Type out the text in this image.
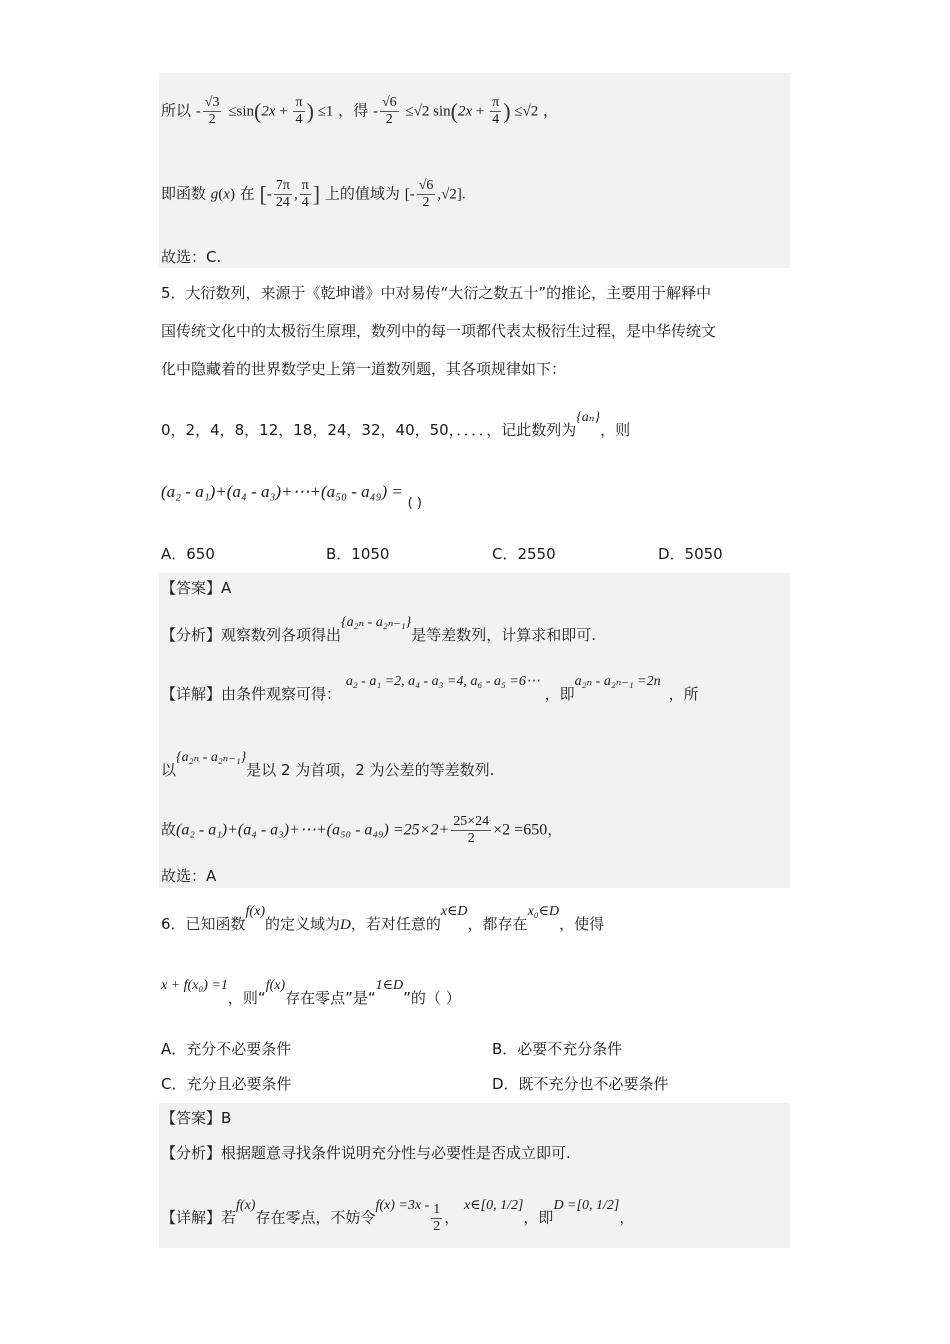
所以 - $\frac{√3}{2} \le\sin(2x + \frac{\pi}{4}$ ) ≤1 ，得 - $\frac{√6}{2} \le√2$ $\sin(2x + \frac{\pi}{4}$ ) ≤√2 ，
即函数 g(x) 在 [- $\frac{7\pi}{24}$ , $\frac{\pi}{4}$ ] 上的值域为 [- $\frac{√6}{2} ,√2$].
故选：C.
5．大衍数列，来源于《乾坤谱》中对易传“大衍之数五十”的推论，主要用于解释中
国传统文化中的太极衍生原理，数列中的每一项都代表太极衍生过程，是中华传统文
化中隐藏着的世界数学史上第一道数列题，其各项规律如下：
0，2，4，8，12，18，24，32，40，50，．．．．，记此数列为{aₙ}，则
(a₂ - a₁)+(a₄ - a₃)+⋯+(a₅₀ - a₄₉) = ( )
A．650	B．1050	C．2550	D．5050
【答案】A
【分析】观察数列各项得出{a₂ₙ - a₂ₙ₋₁}是等差数列，计算求和即可.
【详解】由条件观察可得： a₂ - a₁ =2, a₄ - a₃ =4, a₆ - a₅ =6⋯ ，即a₂ₙ - a₂ₙ₋₁ =2n，所
以{a₂ₙ - a₂ₙ₋₁}是以 2 为首项，2 为公差的等差数列.
故(a₂ - a₁)+(a₄ - a₃)+⋯+(a₅₀ - $a_{49}) =25\times 2+ \frac{25\times 24}{2} \times 2 =650$，
故选：A
6．已知函数f(x)的定义域为D，若对任意的x∈D，都存在x₀∈D，使得
x + f(x₀) =1，则“f(x)存在零点”是“1∈D”的（ ）
A．充分不必要条件	B．必要不充分条件
C．充分且必要条件	D．既不充分也不必要条件
【答案】B
【分析】根据题意寻找条件说明充分性与必要性是否成立即可.
【详解】若f(x)存在零点，不妨令$f(x) =3x - \frac{1}{2}$ ， x∈[0, 1/2]，即D =[0, 1/2]，
